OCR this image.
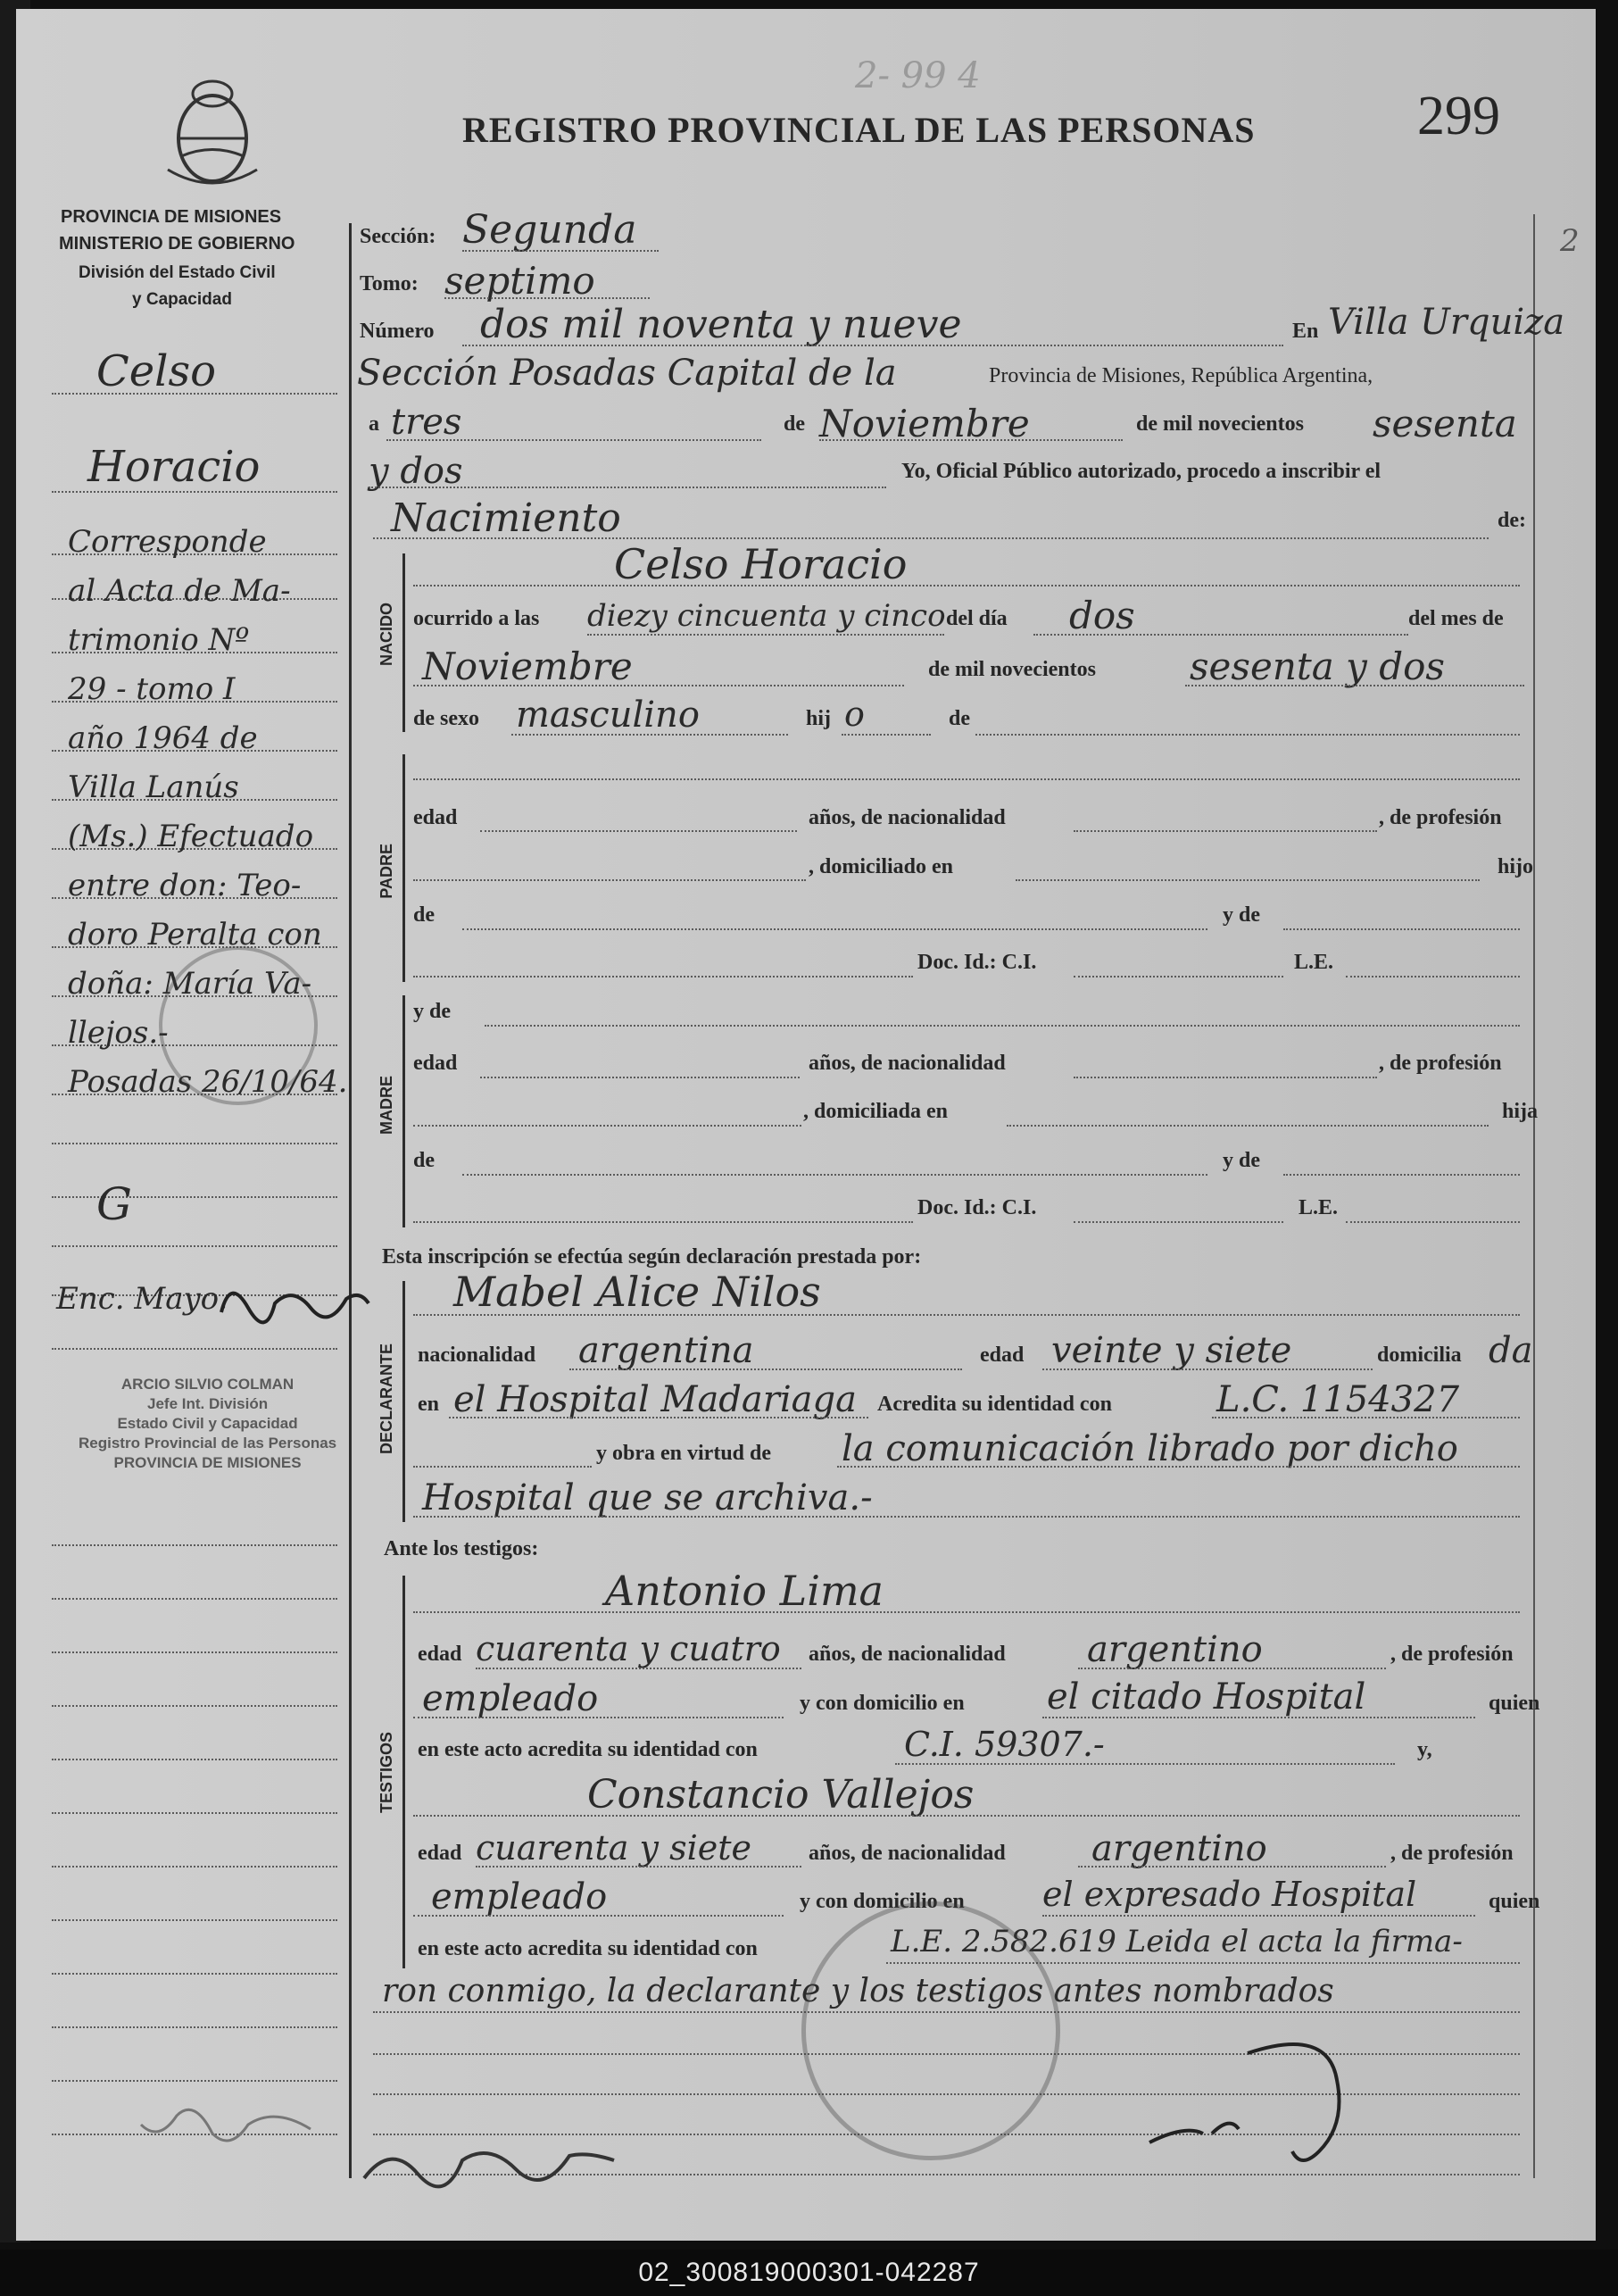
2- 99 4
REGISTRO PROVINCIAL DE LAS PERSONAS	299
PROVINCIA DE MISIONES
MINISTERIO DE GOBIERNO
División del Estado Civil
y Capacidad
Celso
Horacio
Corresponde
al Acta de Ma-
trimonio Nº
29 - tomo I
año 1964 de
Villa Lanús
(Ms.) Efectuado
entre don: Teo-
doro Peralta con
doña: María Va-
llejos.-
Posadas 26/10/64.
G
Enc. Mayo.
ARCIO SILVIO COLMAN
Jefe Int. División
Estado Civil y Capacidad
Registro Provincial de las Personas
PROVINCIA DE MISIONES
Sección: Segunda
Tomo: septimo
Número dos mil noventa y nueve	En Villa Urquiza
Sección Posadas Capital de la	Provincia de Misiones, República Argentina,
a tres	de Noviembre	de mil novecientos sesenta
y dos	Yo, Oficial Público autorizado, procedo a inscribir el
Nacimiento	de:
NACIDO
Celso Horacio
ocurrido a las diezy cincuenta y cinco del día dos	del mes de
Noviembre	de mil novecientos	sesenta y dos
de sexo masculino	hij o	de
PADRE
edad	años, de nacionalidad	, de profesión
, domiciliado en	hijo
de	y de
Doc. Id.: C.I.	L.E.
MADRE
y de
edad	años, de nacionalidad	, de profesión
, domiciliada en	hija
de	y de
Doc. Id.: C.I.	L.E.
Esta inscripción se efectúa según declaración prestada por:
DECLARANTE
Mabel Alice Nilos
nacionalidad argentina	edad veinte y siete	domicilia da
en el Hospital Madariaga Acredita su identidad con	L.C. 1154327
y obra en virtud de la comunicación librado por dicho
Hospital que se archiva.-
Ante los testigos:
TESTIGOS
Antonio Lima
edad cuarenta y cuatro años, de nacionalidad argentino	, de profesión
empleado	y con domicilio en el citado Hospital	quien
en este acto acredita su identidad con	C.I. 59307.-	y,
Constancio Vallejos
edad cuarenta y siete	años, de nacionalidad argentino	, de profesión
empleado	y con domicilio en el expresado Hospital	quien
en este acto acredita su identidad con	L.E. 2.582.619 Leida el acta la firma-
ron conmigo, la declarante y los testigos antes nombrados
2
02_300819000301-042287
